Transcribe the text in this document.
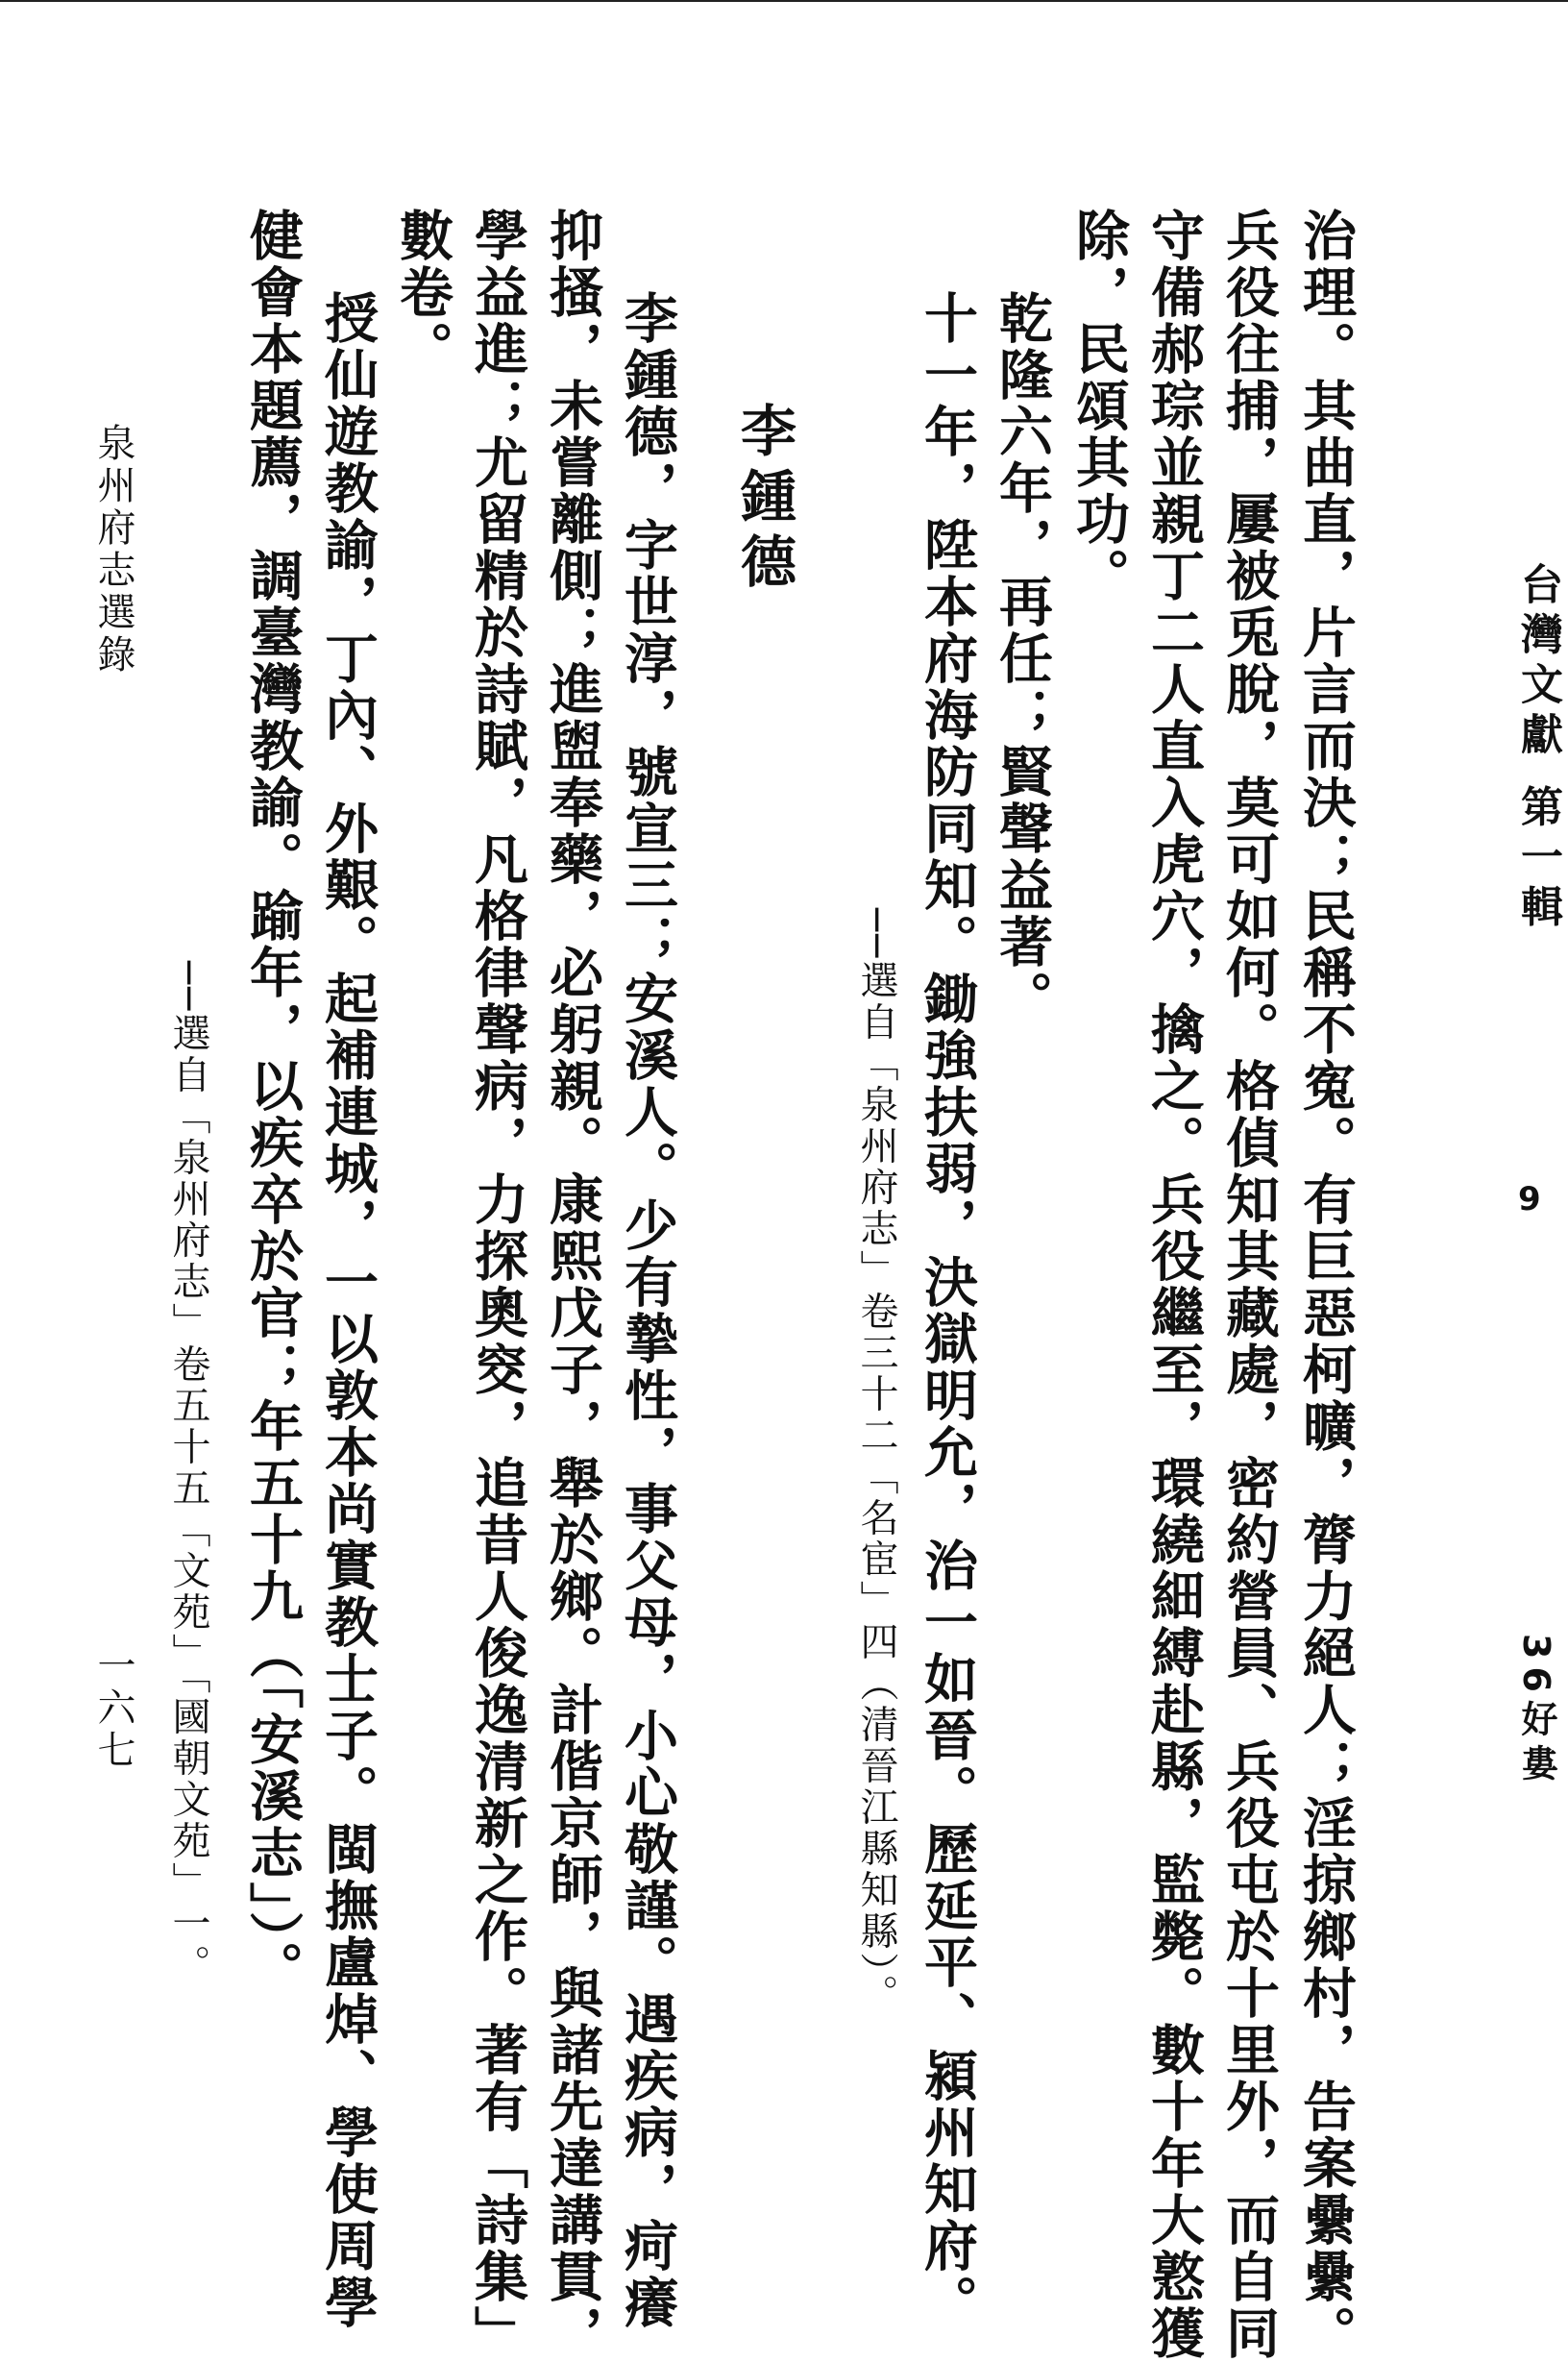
台灣文獻 第一輯
9
36好婁
治理。其曲直，片言而決；民稱不寃。有巨惡柯曠，膂力絕人；淫掠鄉村，告案纍纍。
兵役往捕，屢被兎脫，莫可如何。格偵知其藏處，密約營員、兵役屯於十里外，而自同
守備郝琮並親丁二人直入虎穴，擒之。兵役繼至，環繞細縛赴縣，監斃。數十年大憝獲
除，民頌其功。
乾隆六年，再任；賢聲益著。
十一年，陞本府海防同知。鋤強扶弱，決獄明允，治一如晉。歷延平、潁州知府。
──選自「泉州府志」卷三十二「名宦」四（清晉江縣知縣）。
李鍾德
李鍾德，字世淳，號宣三；安溪人。少有摯性，事父母，小心敬謹。遇疾病，疴癢
抑搔，未嘗離側；進盥奉藥，必躬親。康熙戊子，舉於鄉。計偕京師，與諸先達講貫，
學益進；尤留精於詩賦，凡格律聲病，力探奧窔，追昔人俊逸清新之作。著有「詩集」
數卷。
授仙遊教諭，丁內、外艱。起補連城，一以敦本尚實教士子。閩撫盧焯、學使周學
健會本題薦，調臺灣教諭。踰年，以疾卒於官；年五十九（「安溪志」）。
──選自「泉州府志」卷五十五「文苑」「國朝文苑」一。
泉州府志選錄
一六七
